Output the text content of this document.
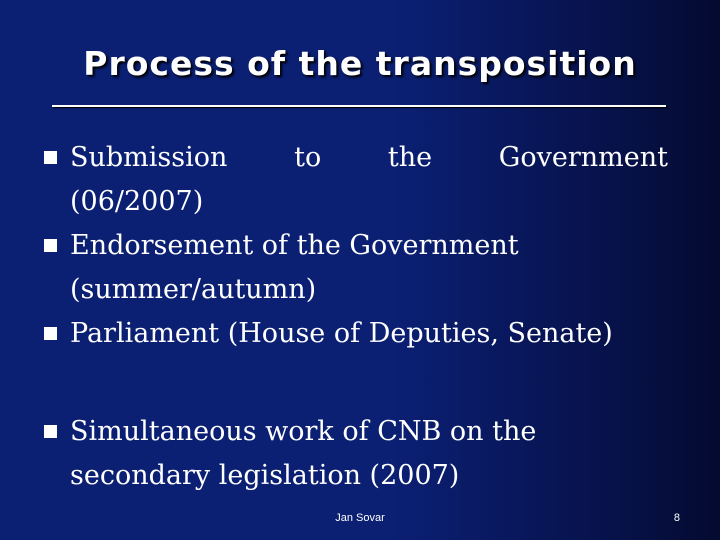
Process of the transposition
Submission to the Government
(06/2007)
Endorsement of the Government
(summer/autumn)
Parliament (House of Deputies, Senate)
Simultaneous work of CNB on the
secondary legislation (2007)
Jan Sovar	8
